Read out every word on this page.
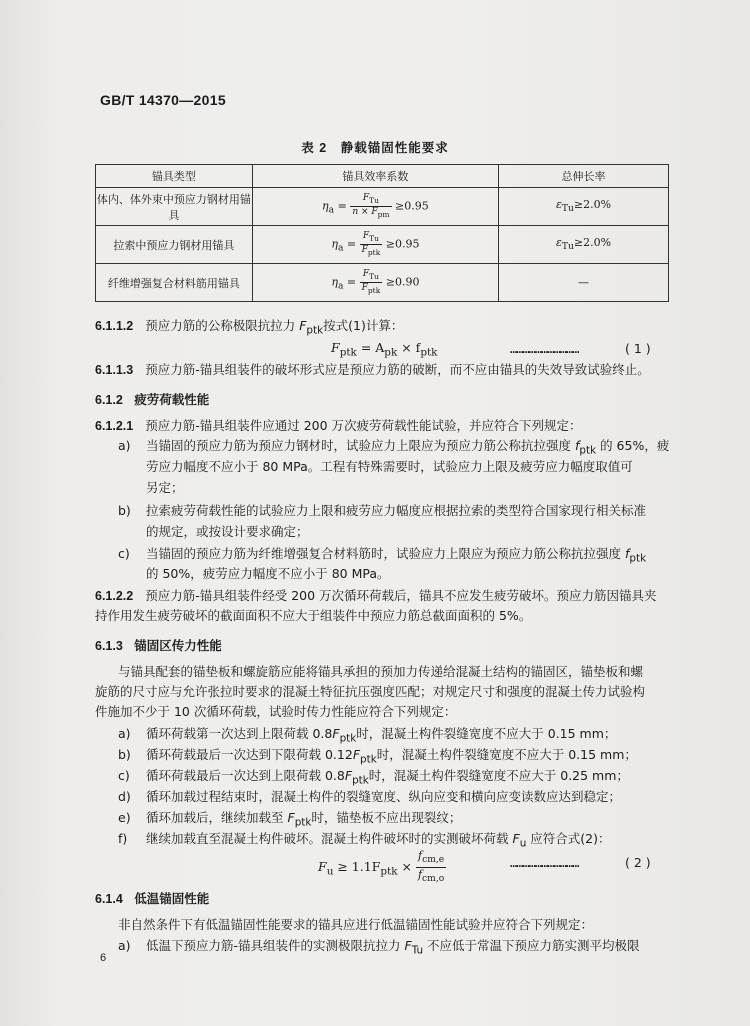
GB/T 14370—2015
表 2　静载锚固性能要求
锚具类型	锚具效率系数	总伸长率
体内、体外束中预应力钢材用锚具	$\eta_a = \frac{F_{Tu}}{n \times F_{pm}} \ge 0.95$	$\varepsilon_{Tu}\ge 2.0\%$
拉索中预应力钢材用锚具	$\eta_a = \frac{F_{Tu}}{F_{ptk}} \ge 0.95$	$\varepsilon_{Tu}\ge 2.0\%$
纤维增强复合材料筋用锚具	$\eta_a = \frac{F_{Tu}}{F_{ptk}} \ge 0.90$	—
6.1.1.2 预应力筋的公称极限抗拉力 $F_{ptk}$按式(1)计算：
$F_{ptk} = A_{pk} \times f_{ptk}$	……………………………	( 1 )
6.1.1.3 预应力筋-锚具组装件的破坏形式应是预应力筋的破断，而不应由锚具的失效导致试验终止。
6.1.2 疲劳荷载性能
6.1.2.1 预应力筋-锚具组装件应通过 200 万次疲劳荷载性能试验，并应符合下列规定：
a) 当锚固的预应力筋为预应力钢材时，试验应力上限应为预应力筋公称抗拉强度 $f_{ptk}$ 的 65%，疲
劳应力幅度不应小于 80 MPa。工程有特殊需要时，试验应力上限及疲劳应力幅度取值可
另定；
b) 拉索疲劳荷载性能的试验应力上限和疲劳应力幅度应根据拉索的类型符合国家现行相关标准
的规定，或按设计要求确定；
c) 当锚固的预应力筋为纤维增强复合材料筋时，试验应力上限应为预应力筋公称抗拉强度 $f_{ptk}$
的 50%，疲劳应力幅度不应小于 80 MPa。
6.1.2.2 预应力筋-锚具组装件经受 200 万次循环荷载后，锚具不应发生疲劳破坏。预应力筋因锚具夹
持作用发生疲劳破坏的截面面积不应大于组装件中预应力筋总截面面积的 5%。
6.1.3 锚固区传力性能
与锚具配套的锚垫板和螺旋筋应能将锚具承担的预加力传递给混凝土结构的锚固区，锚垫板和螺
旋筋的尺寸应与允许张拉时要求的混凝土特征抗压强度匹配；对规定尺寸和强度的混凝土传力试验构
件施加不少于 10 次循环荷载，试验时传力性能应符合下列规定：
a) 循环荷载第一次达到上限荷载 $0.8F_{ptk}$时，混凝土构件裂缝宽度不应大于 0.15 mm；
b) 循环荷载最后一次达到下限荷载 $0.12F_{ptk}$时，混凝土构件裂缝宽度不应大于 0.15 mm；
c) 循环荷载最后一次达到上限荷载 $0.8F_{ptk}$时，混凝土构件裂缝宽度不应大于 0.25 mm；
d) 循环加载过程结束时，混凝土构件的裂缝宽度、纵向应变和横向应变读数应达到稳定；
e) 循环加载后，继续加载至 $F_{ptk}$时，锚垫板不应出现裂纹；
f) 继续加载直至混凝土构件破坏。混凝土构件破坏时的实测破坏荷载 $F_u$ 应符合式(2)：
$F_u \ge 1.1F_{ptk} \times \frac{f_{cm,e}}{f_{cm,o}}$	……………………………	( 2 )
6.1.4 低温锚固性能
非自然条件下有低温锚固性能要求的锚具应进行低温锚固性能试验并应符合下列规定：
a) 低温下预应力筋-锚具组装件的实测极限抗拉力 $F_{Tu}$ 不应低于常温下预应力筋实测平均极限
6
